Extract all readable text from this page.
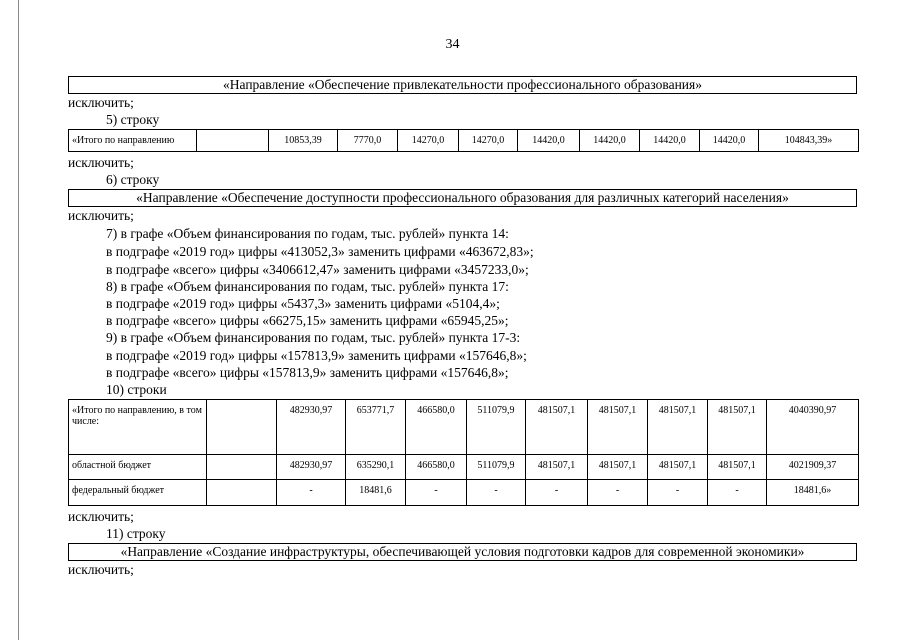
34
«Направление «Обеспечение привлекательности профессионального образования»
исключить;
5) строку
«Итого по направлению		10853,39	7770,0	14270,0	14270,0	14420,0	14420,0	14420,0	14420,0	104843,39»
исключить;
6) строку
«Направление «Обеспечение доступности профессионального образования для различных категорий населения»
исключить;
7) в графе «Объем финансирования по годам, тыс. рублей» пункта 14:
в подграфе «2019 год» цифры «413052,3» заменить цифрами «463672,83»;
в подграфе «всего» цифры «3406612,47» заменить цифрами «3457233,0»;
8) в графе «Объем финансирования по годам, тыс. рублей» пункта 17:
в подграфе «2019 год» цифры «5437,3» заменить цифрами «5104,4»;
в подграфе «всего» цифры «66275,15» заменить цифрами «65945,25»;
9) в графе «Объем финансирования по годам, тыс. рублей» пункта 17-3:
в подграфе «2019 год» цифры «157813,9» заменить цифрами «157646,8»;
в подграфе «всего» цифры «157813,9» заменить цифрами «157646,8»;
10) строки
«Итого по направлению, в том числе:		482930,97	653771,7	466580,0	511079,9	481507,1	481507,1	481507,1	481507,1	4040390,97
областной бюджет		482930,97	635290,1	466580,0	511079,9	481507,1	481507,1	481507,1	481507,1	4021909,37
федеральный бюджет		-	18481,6	-	-	-	-	-	-	18481,6»
исключить;
11) строку
«Направление «Создание инфраструктуры, обеспечивающей условия подготовки кадров для современной экономики»
исключить;
